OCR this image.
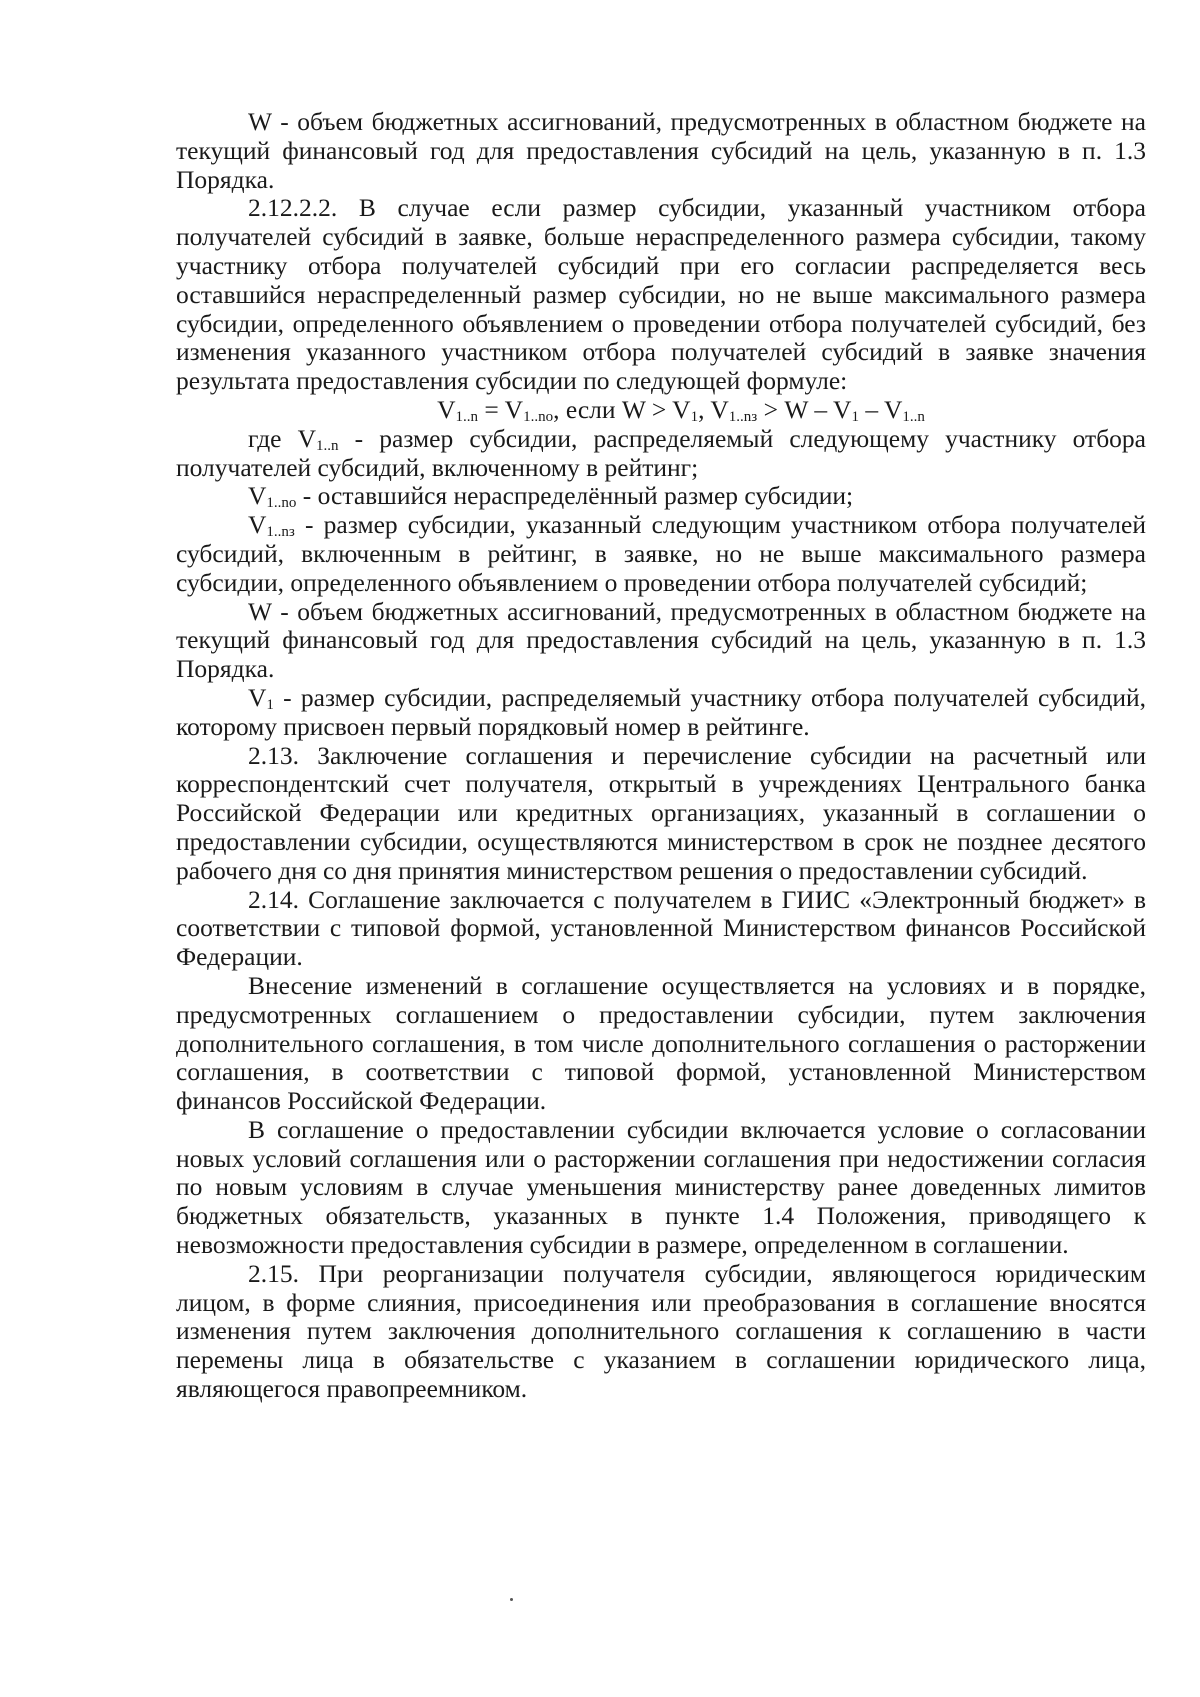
W - объем бюджетных ассигнований, предусмотренных в областном бюджете на текущий финансовый год для предоставления субсидий на цель, указанную в п. 1.3 Порядка.

2.12.2.2. В случае если размер субсидии, указанный участником отбора получателей субсидий в заявке, больше нераспределенного размера субсидии, такому участнику отбора получателей субсидий при его согласии распределяется весь оставшийся нераспределенный размер субсидии, но не выше максимального размера субсидии, определенного объявлением о проведении отбора получателей субсидий, без изменения указанного участником отбора получателей субсидий в заявке значения результата предоставления субсидии по следующей формуле:

$V_{1..n} = V_{1..no}$, если $W > V_1$, $V_{1..nз} > W - V_1 - V_{1..n}$

где $V_{1..n}$ - размер субсидии, распределяемый следующему участнику отбора получателей субсидий, включенному в рейтинг;

$V_{1..no}$ - оставшийся нераспределённый размер субсидии;

$V_{1..nз}$ - размер субсидии, указанный следующим участником отбора получателей субсидий, включенным в рейтинг, в заявке, но не выше максимального размера субсидии, определенного объявлением о проведении отбора получателей субсидий;

W - объем бюджетных ассигнований, предусмотренных в областном бюджете на текущий финансовый год для предоставления субсидий на цель, указанную в п. 1.3 Порядка.

$V_1$ - размер субсидии, распределяемый участнику отбора получателей субсидий, которому присвоен первый порядковый номер в рейтинге.

2.13. Заключение соглашения и перечисление субсидии на расчетный или корреспондентский счет получателя, открытый в учреждениях Центрального банка Российской Федерации или кредитных организациях, указанный в соглашении о предоставлении субсидии, осуществляются министерством в срок не позднее десятого рабочего дня со дня принятия министерством решения о предоставлении субсидий.

2.14. Соглашение заключается с получателем в ГИИС «Электронный бюджет» в соответствии с типовой формой, установленной Министерством финансов Российской Федерации.

Внесение изменений в соглашение осуществляется на условиях и в порядке, предусмотренных соглашением о предоставлении субсидии, путем заключения дополнительного соглашения, в том числе дополнительного соглашения о расторжении соглашения, в соответствии с типовой формой, установленной Министерством финансов Российской Федерации.

В соглашение о предоставлении субсидии включается условие о согласовании новых условий соглашения или о расторжении соглашения при недостижении согласия по новым условиям в случае уменьшения министерству ранее доведенных лимитов бюджетных обязательств, указанных в пункте 1.4 Положения, приводящего к невозможности предоставления субсидии в размере, определенном в соглашении.

2.15. При реорганизации получателя субсидии, являющегося юридическим лицом, в форме слияния, присоединения или преобразования в соглашение вносятся изменения путем заключения дополнительного соглашения к соглашению в части перемены лица в обязательстве с указанием в соглашении юридического лица, являющегося правопреемником.
